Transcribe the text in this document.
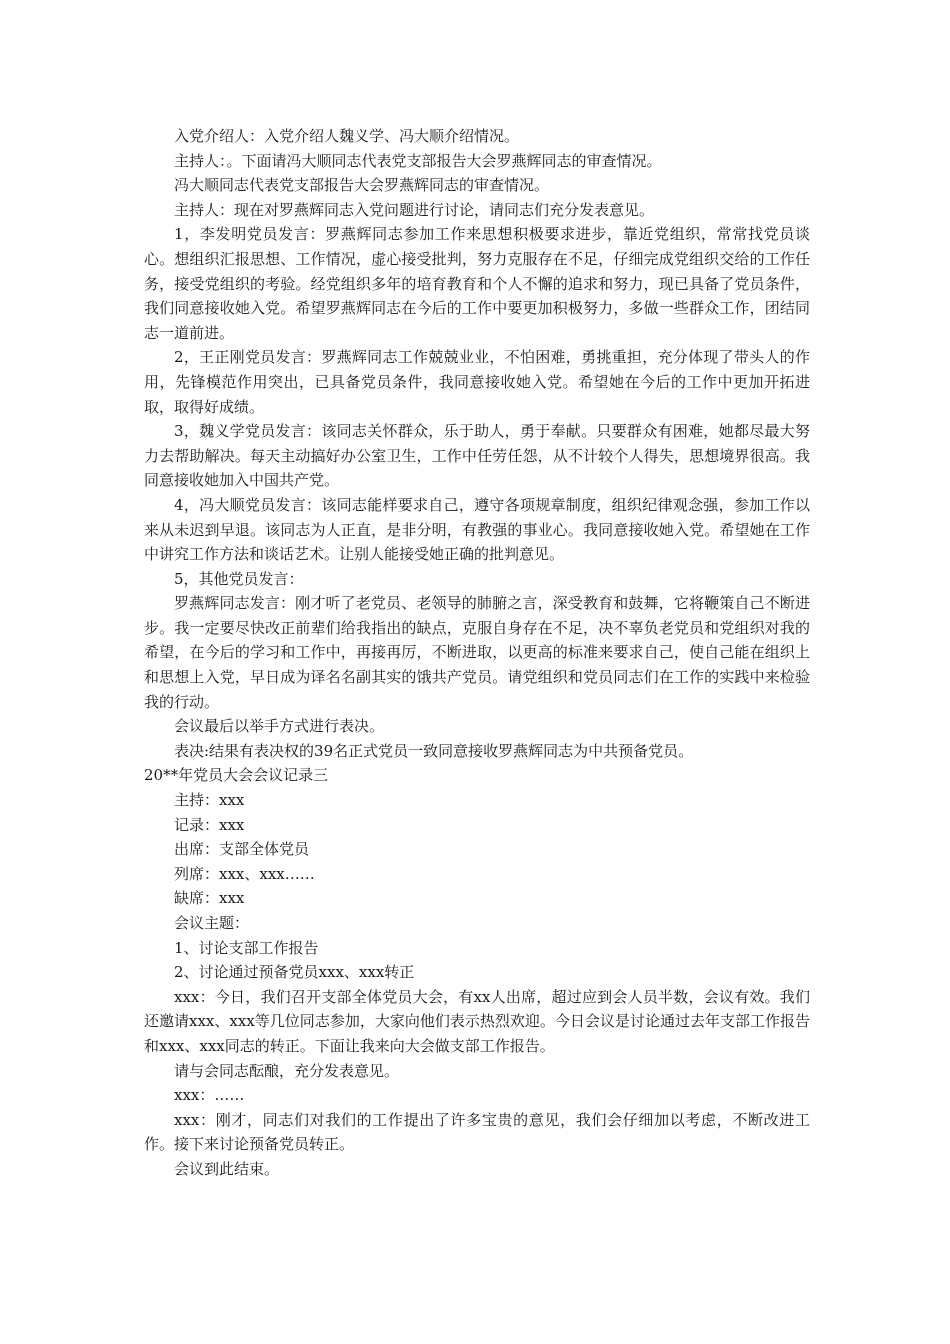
入党介绍人：入党介绍人魏义学、冯大顺介绍情况。

主持人：。下面请冯大顺同志代表党支部报告大会罗燕辉同志的审查情况。

冯大顺同志代表党支部报告大会罗燕辉同志的审查情况。

主持人：现在对罗燕辉同志入党问题进行讨论，请同志们充分发表意见。

1，李发明党员发言：罗燕辉同志参加工作来思想积极要求进步，靠近党组织，常常找党员谈心。想组织汇报思想、工作情况，虚心接受批判，努力克服存在不足，仔细完成党组织交给的工作任务，接受党组织的考验。经党组织多年的培育教育和个人不懈的追求和努力，现已具备了党员条件，我们同意接收她入党。希望罗燕辉同志在今后的工作中要更加积极努力，多做一些群众工作，团结同志一道前进。

2，王正刚党员发言：罗燕辉同志工作兢兢业业，不怕困难，勇挑重担，充分体现了带头人的作用，先锋模范作用突出，已具备党员条件，我同意接收她入党。希望她在今后的工作中更加开拓进取，取得好成绩。

3，魏义学党员发言：该同志关怀群众，乐于助人，勇于奉献。只要群众有困难，她都尽最大努力去帮助解决。每天主动搞好办公室卫生，工作中任劳任怨，从不计较个人得失，思想境界很高。我同意接收她加入中国共产党。

4，冯大顺党员发言：该同志能样要求自己，遵守各项规章制度，组织纪律观念强，参加工作以来从未迟到早退。该同志为人正直，是非分明，有教强的事业心。我同意接收她入党。希望她在工作中讲究工作方法和谈话艺术。让别人能接受她正确的批判意见。

5，其他党员发言：

罗燕辉同志发言：刚才听了老党员、老领导的肺腑之言，深受教育和鼓舞，它将鞭策自己不断进步。我一定要尽快改正前辈们给我指出的缺点，克服自身存在不足，决不辜负老党员和党组织对我的希望，在今后的学习和工作中，再接再厉，不断进取，以更高的标准来要求自己，使自己能在组织上和思想上入党，早日成为译名名副其实的饿共产党员。请党组织和党员同志们在工作的实践中来检验我的行动。

会议最后以举手方式进行表决。

表决:结果有表决权的39名正式党员一致同意接收罗燕辉同志为中共预备党员。

20**年党员大会会议记录三

主持：xxx

记录：xxx

出席：支部全体党员

列席：xxx、xxx……

缺席：xxx

会议主题：

1、讨论支部工作报告

2、讨论通过预备党员xxx、xxx转正

xxx：今日，我们召开支部全体党员大会，有xx人出席，超过应到会人员半数，会议有效。我们还邀请xxx、xxx等几位同志参加，大家向他们表示热烈欢迎。今日会议是讨论通过去年支部工作报告和xxx、xxx同志的转正。下面让我来向大会做支部工作报告。

请与会同志酝酿，充分发表意见。

xxx：……

xxx：刚才，同志们对我们的工作提出了许多宝贵的意见，我们会仔细加以考虑，不断改进工作。接下来讨论预备党员转正。

会议到此结束。
